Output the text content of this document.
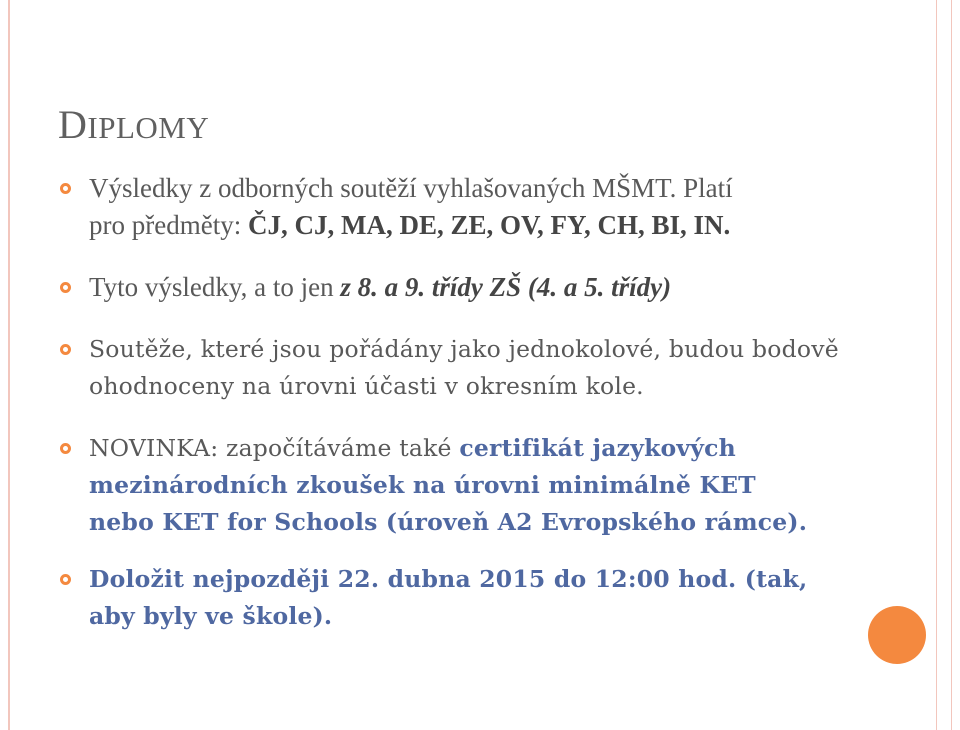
DIPLOMY
Výsledky z odborných soutěží vyhlašovaných MŠMT. Platí
pro předměty: ČJ, CJ, MA, DE, ZE, OV, FY, CH, BI, IN.
Tyto výsledky, a to jen z 8. a 9. třídy ZŠ (4. a 5. třídy)
Soutěže, které jsou pořádány jako jednokolové, budou bodově
ohodnoceny na úrovni účasti v okresním kole.
NOVINKA: započítáváme také certifikát jazykových
mezinárodních zkoušek na úrovni minimálně KET
nebo KET for Schools (úroveň A2 Evropského rámce).
Doložit nejpozději 22. dubna 2015 do 12:00 hod. (tak,
aby byly ve škole).
